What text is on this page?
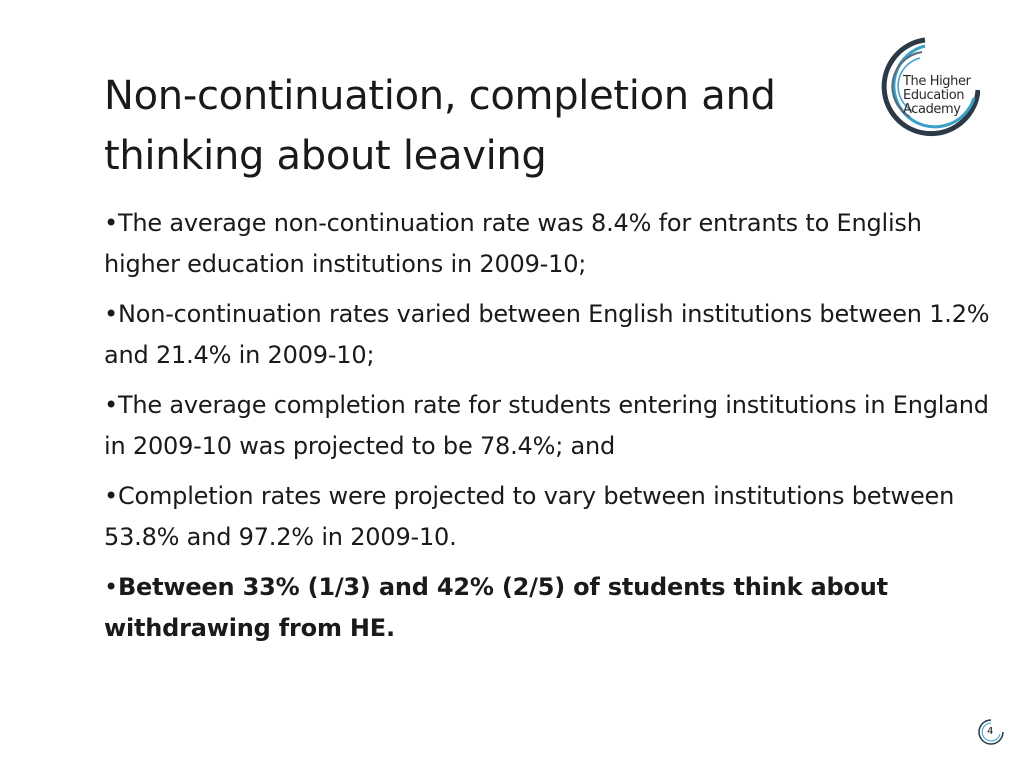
Non-continuation, completion and
thinking about leaving
The Higher
Education
Academy
•The average non-continuation rate was 8.4% for entrants to English higher education institutions in 2009-10;
•Non-continuation rates varied between English institutions between 1.2% and 21.4% in 2009-10;
•The average completion rate for students entering institutions in England in 2009-10 was projected to be 78.4%; and
•Completion rates were projected to vary between institutions between 53.8% and 97.2% in 2009-10.
•Between 33% (1/3) and 42% (2/5) of students think about withdrawing from HE.
4
